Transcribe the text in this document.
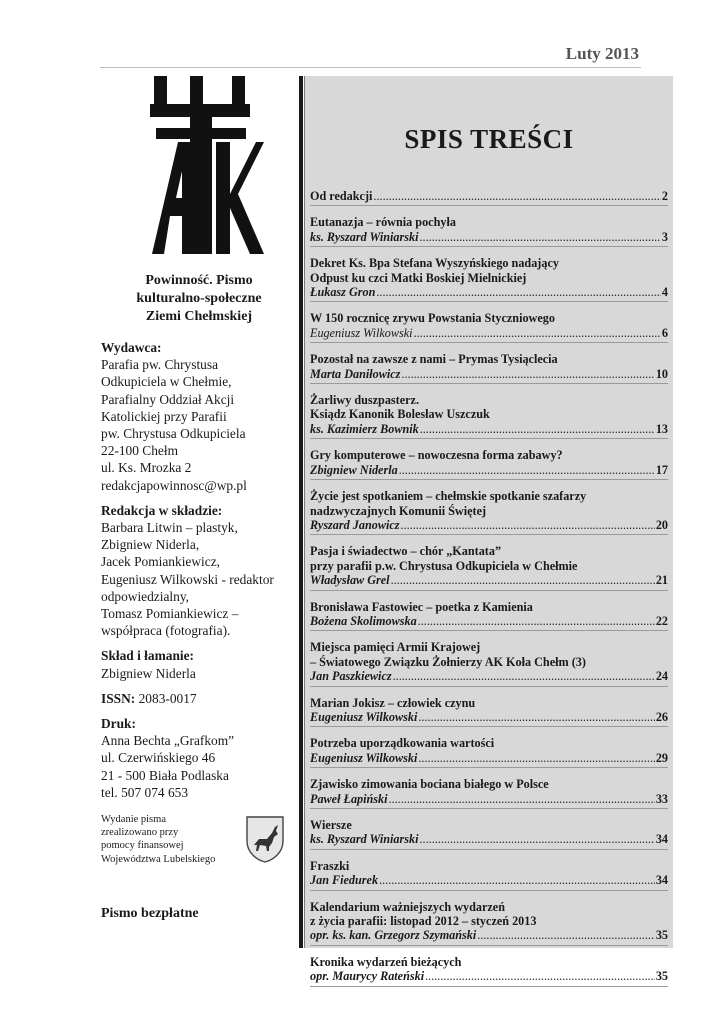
Luty 2013
Powinność. Pismo
kulturalno-społeczne
Ziemi Chełmskiej
Wydawca:
Parafia pw. Chrystusa
Odkupiciela w Chełmie,
Parafialny Oddział Akcji
Katolickiej przy Parafii
pw. Chrystusa Odkupiciela
22-100 Chełm
ul. Ks. Mrozka 2
redakcjapowinnosc@wp.pl
Redakcja w składzie:
Barbara Litwin – plastyk,
Zbigniew Niderla,
Jacek Pomiankiewicz,
Eugeniusz Wilkowski - redaktor
odpowiedzialny,
Tomasz Pomiankiewicz –
współpraca (fotografia).
Skład i łamanie:
Zbigniew Niderla
ISSN: 2083-0017
Druk:
Anna Bechta „Grafkom”
ul. Czerwińskiego 46
21 - 500 Biała Podlaska
tel. 507 074 653
Wydanie pisma
zrealizowano przy
pomocy finansowej
Województwa Lubelskiego
Pismo bezpłatne
SPIS TREŚCI
Od redakcji .....	2
Eutanazja – równia pochyła
ks. Ryszard Winiarski .....	3
Dekret Ks. Bpa Stefana Wyszyńskiego nadający
Odpust ku czci Matki Boskiej Mielnickiej
Łukasz Gron .....	4
W 150 rocznicę zrywu Powstania Styczniowego
Eugeniusz Wilkowski .....	6
Pozostał na zawsze z nami – Prymas Tysiąclecia
Marta Daniłowicz .....	10
Żarliwy duszpasterz.
Ksiądz Kanonik Bolesław Uszczuk
ks. Kazimierz Bownik .....	13
Gry komputerowe – nowoczesna forma zabawy?
Zbigniew Niderla .....	17
Życie jest spotkaniem – chełmskie spotkanie szafarzy
nadzwyczajnych Komunii Świętej
Ryszard Janowicz .....	20
Pasja i świadectwo – chór „Kantata”
przy parafii p.w. Chrystusa Odkupiciela w Chełmie
Władysław Grel .....	21
Bronisława Fastowiec – poetka z Kamienia
Bożena Skolimowska .....	22
Miejsca pamięci Armii Krajowej
– Światowego Związku Żołnierzy AK Koła Chełm (3)
Jan Paszkiewicz .....	24
Marian Jokisz – człowiek czynu
Eugeniusz Wilkowski .....	26
Potrzeba uporządkowania wartości
Eugeniusz Wilkowski .....	29
Zjawisko zimowania bociana białego w Polsce
Paweł Łapiński .....	33
Wiersze
ks. Ryszard Winiarski .....	34
Fraszki
Jan Fiedurek .....	34
Kalendarium ważniejszych wydarzeń
z życia parafii: listopad 2012 – styczeń 2013
opr. ks. kan. Grzegorz Szymański .....	35
Kronika wydarzeń bieżących
opr. Maurycy Rateński .....	35
